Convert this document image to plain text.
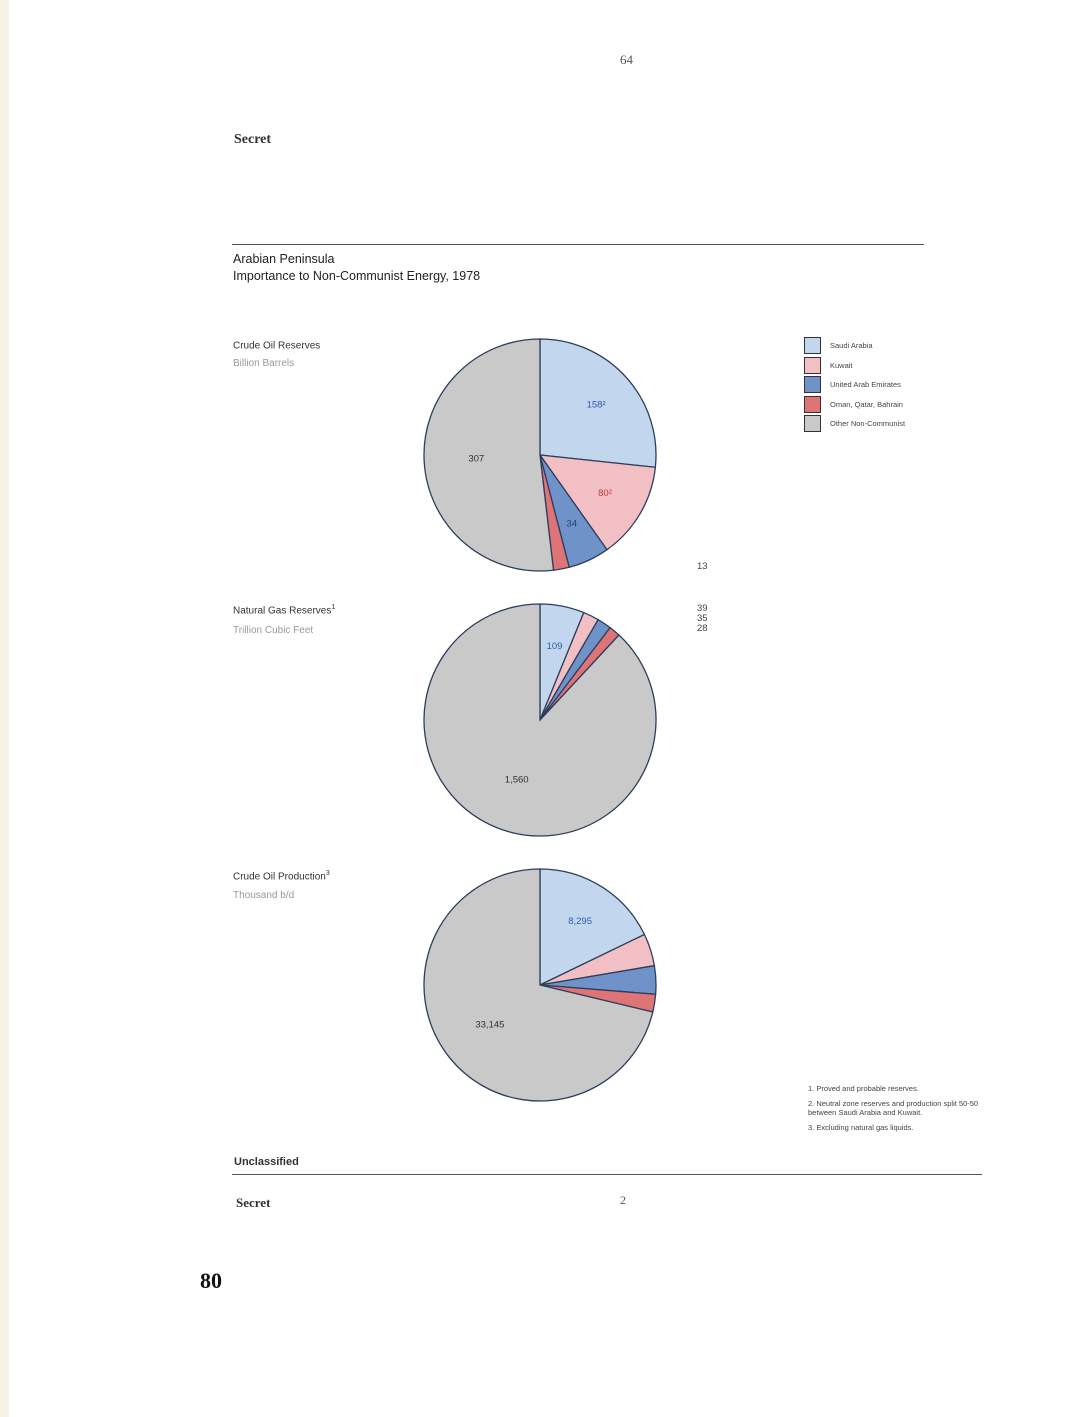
64
Secret
Arabian Peninsula
Importance to Non-Communist Energy, 1978
Crude Oil Reserves
Billion Barrels
158²
80²
34
307
13
Natural Gas Reserves$^1$
Trillion Cubic Feet
109
1,560
39
35
28
Crude Oil Production$^3$
Thousand b/d
8,295
33,145
Saudi Arabia
Kuwait
United Arab Emirates
Oman, Qatar, Bahrain
Other Non-Communist

1. Proved and probable reserves.

2. Neutral zone reserves and production split 50-50 between Saudi Arabia and Kuwait.

3. Excluding natural gas liquids.

Unclassified
Secret	2
80
